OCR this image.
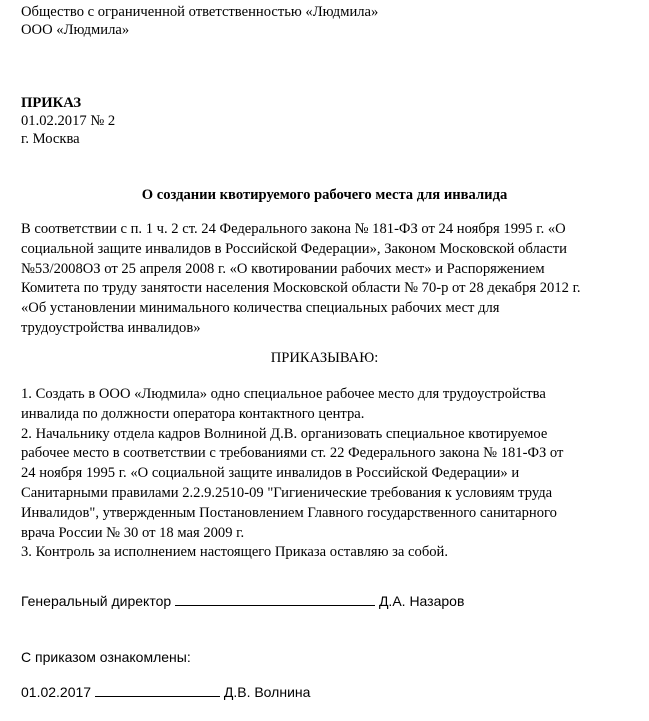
Общество с ограниченной ответственностью «Людмила»
ООО «Людмила»
ПРИКАЗ
01.02.2017 № 2
г. Москва
О создании квотируемого рабочего места для инвалида
В соответствии с п. 1 ч. 2 ст. 24 Федерального закона № 181-ФЗ от 24 ноября 1995 г. «О
социальной защите инвалидов в Российской Федерации», Законом Московской области
№53/2008ОЗ от 25 апреля 2008 г. «О квотировании рабочих мест» и Распоряжением
Комитета по труду занятости населения Московской области № 70-р от 28 декабря 2012 г.
«Об установлении минимального количества специальных рабочих мест для
трудоустройства инвалидов»
ПРИКАЗЫВАЮ:
1. Создать в ООО «Людмила» одно специальное рабочее место для трудоустройства
инвалида по должности оператора контактного центра.
2. Начальнику отдела кадров Волниной Д.В. организовать специальное квотируемое
рабочее место в соответствии с требованиями ст. 22 Федерального закона № 181-ФЗ от
24 ноября 1995 г. «О социальной защите инвалидов в Российской Федерации» и
Санитарными правилами 2.2.9.2510-09 "Гигиенические требования к условиям труда
Инвалидов", утвержденным Постановлением Главного государственного санитарного
врача России № 30 от 18 мая 2009 г.
3. Контроль за исполнением настоящего Приказа оставляю за собой.
Генеральный директор	Д.А. Назаров
С приказом ознакомлены:
01.02.2017	Д.В. Волнина
